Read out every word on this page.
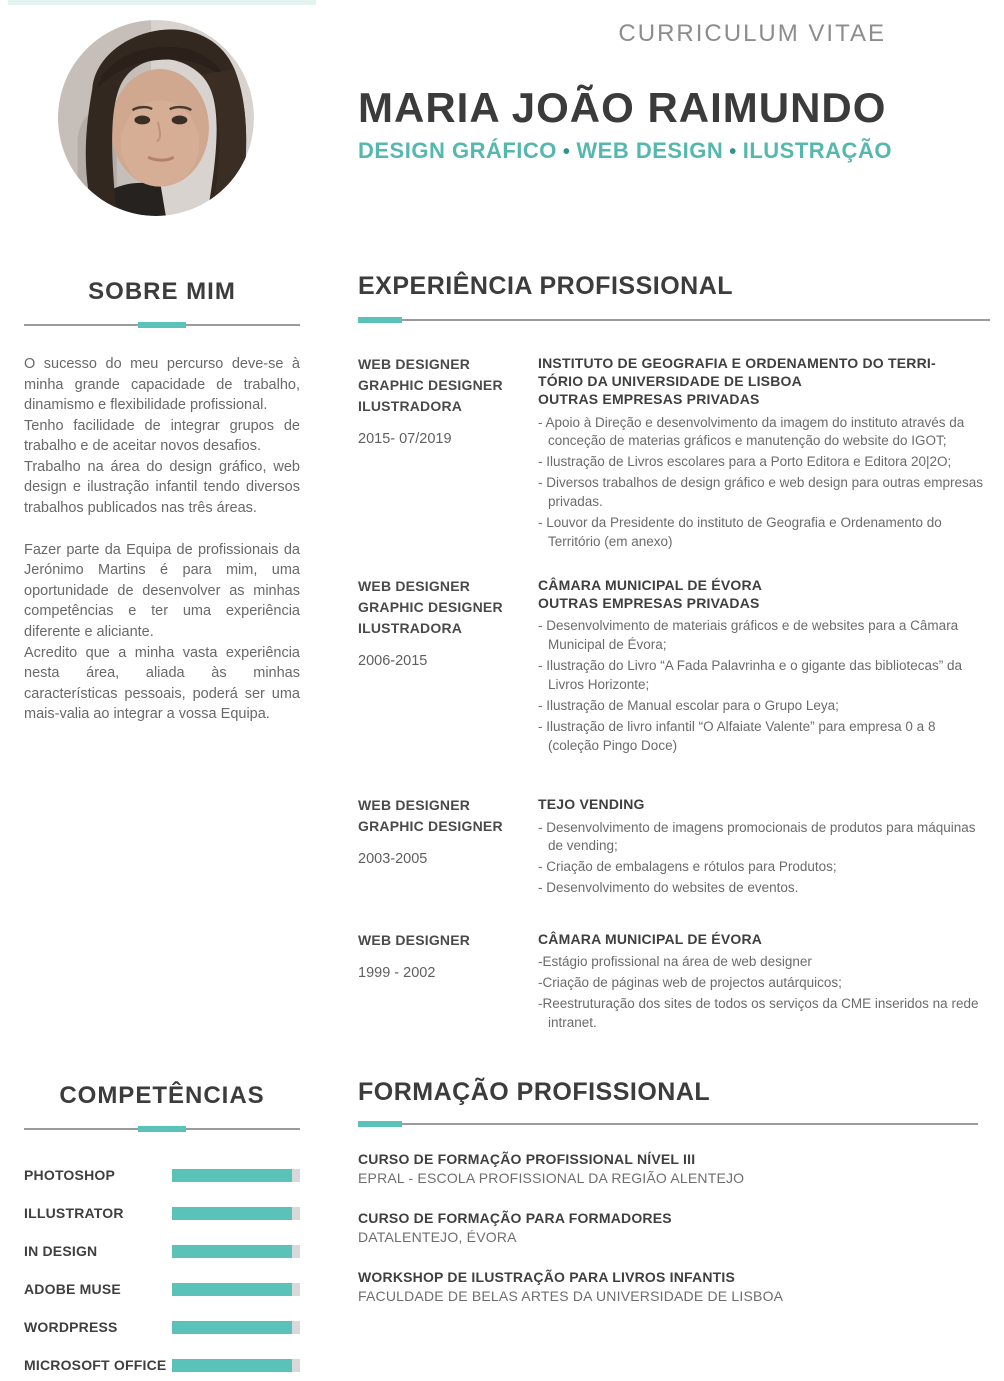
CURRICULUM VITAE
MARIA JOÃO RAIMUNDO
DESIGN GRÁFICO • WEB DESIGN • ILUSTRAÇÃO
SOBRE MIM

O sucesso do meu percurso deve-se à minha grande capacidade de trabalho, dinamismo e flexibilidade profissional.

Tenho facilidade de integrar grupos de trabalho e de aceitar novos desafios.

Trabalho na área do design gráfico, web design e ilustração infantil tendo diversos trabalhos publicados nas três áreas.

Fazer parte da Equipa de profissionais da Jerónimo Martins é para mim, uma oportunidade de desenvolver as minhas competências e ter uma experiência diferente e aliciante.

Acredito que a minha vasta experiência nesta área, aliada às minhas características pessoais, poderá ser uma mais-valia ao integrar a vossa Equipa.

EXPERIÊNCIA PROFISSIONAL
WEB DESIGNER
GRAPHIC DESIGNER
ILUSTRADORA
2015- 07/2019
INSTITUTO DE GEOGRAFIA E ORDENAMENTO DO TERRI-
TÓRIO DA UNIVERSIDADE DE LISBOA
OUTRAS EMPRESAS PRIVADAS
- Apoio à Direção e desenvolvimento da imagem do instituto através da conceção de materias gráficos e manutenção do website do IGOT;
- Ilustração de Livros escolares para a Porto Editora e Editora 20|2O;
- Diversos trabalhos de design gráfico e web design para outras empresas privadas.
- Louvor da Presidente do instituto de Geografia e Ordenamento do Território (em anexo)
WEB DESIGNER
GRAPHIC DESIGNER
ILUSTRADORA
2006-2015
CÂMARA MUNICIPAL DE ÉVORA
OUTRAS EMPRESAS PRIVADAS
- Desenvolvimento de materiais gráficos e de websites para a Câmara Municipal de Évora;
- Ilustração do Livro “A Fada Palavrinha e o gigante das bibliotecas” da Livros Horizonte;
- Ilustração de Manual escolar para o Grupo Leya;
- Ilustração de livro infantil “O Alfaiate Valente” para empresa 0 a 8 (coleção Pingo Doce)
WEB DESIGNER
GRAPHIC DESIGNER
2003-2005
TEJO VENDING
- Desenvolvimento de imagens promocionais de produtos para máquinas de vending;
- Criação de embalagens e rótulos para Produtos;
- Desenvolvimento do websites de eventos.
WEB DESIGNER
1999 - 2002
CÂMARA MUNICIPAL DE ÉVORA
-Estágio profissional na área de web designer
-Criação de páginas web de projectos autárquicos;
-Reestruturação dos sites de todos os serviços da CME inseridos na rede intranet.
COMPETÊNCIAS
PHOTOSHOP
ILLUSTRATOR
IN DESIGN
ADOBE MUSE
WORDPRESS
MICROSOFT OFFICE
FORMAÇÃO PROFISSIONAL
CURSO DE FORMAÇÃO PROFISSIONAL NÍVEL III
EPRAL - ESCOLA PROFISSIONAL DA REGIÃO ALENTEJO
CURSO DE FORMAÇÃO PARA FORMADORES
DATALENTEJO, ÉVORA
WORKSHOP DE ILUSTRAÇÃO PARA LIVROS INFANTIS
FACULDADE DE BELAS ARTES DA UNIVERSIDADE DE LISBOA
